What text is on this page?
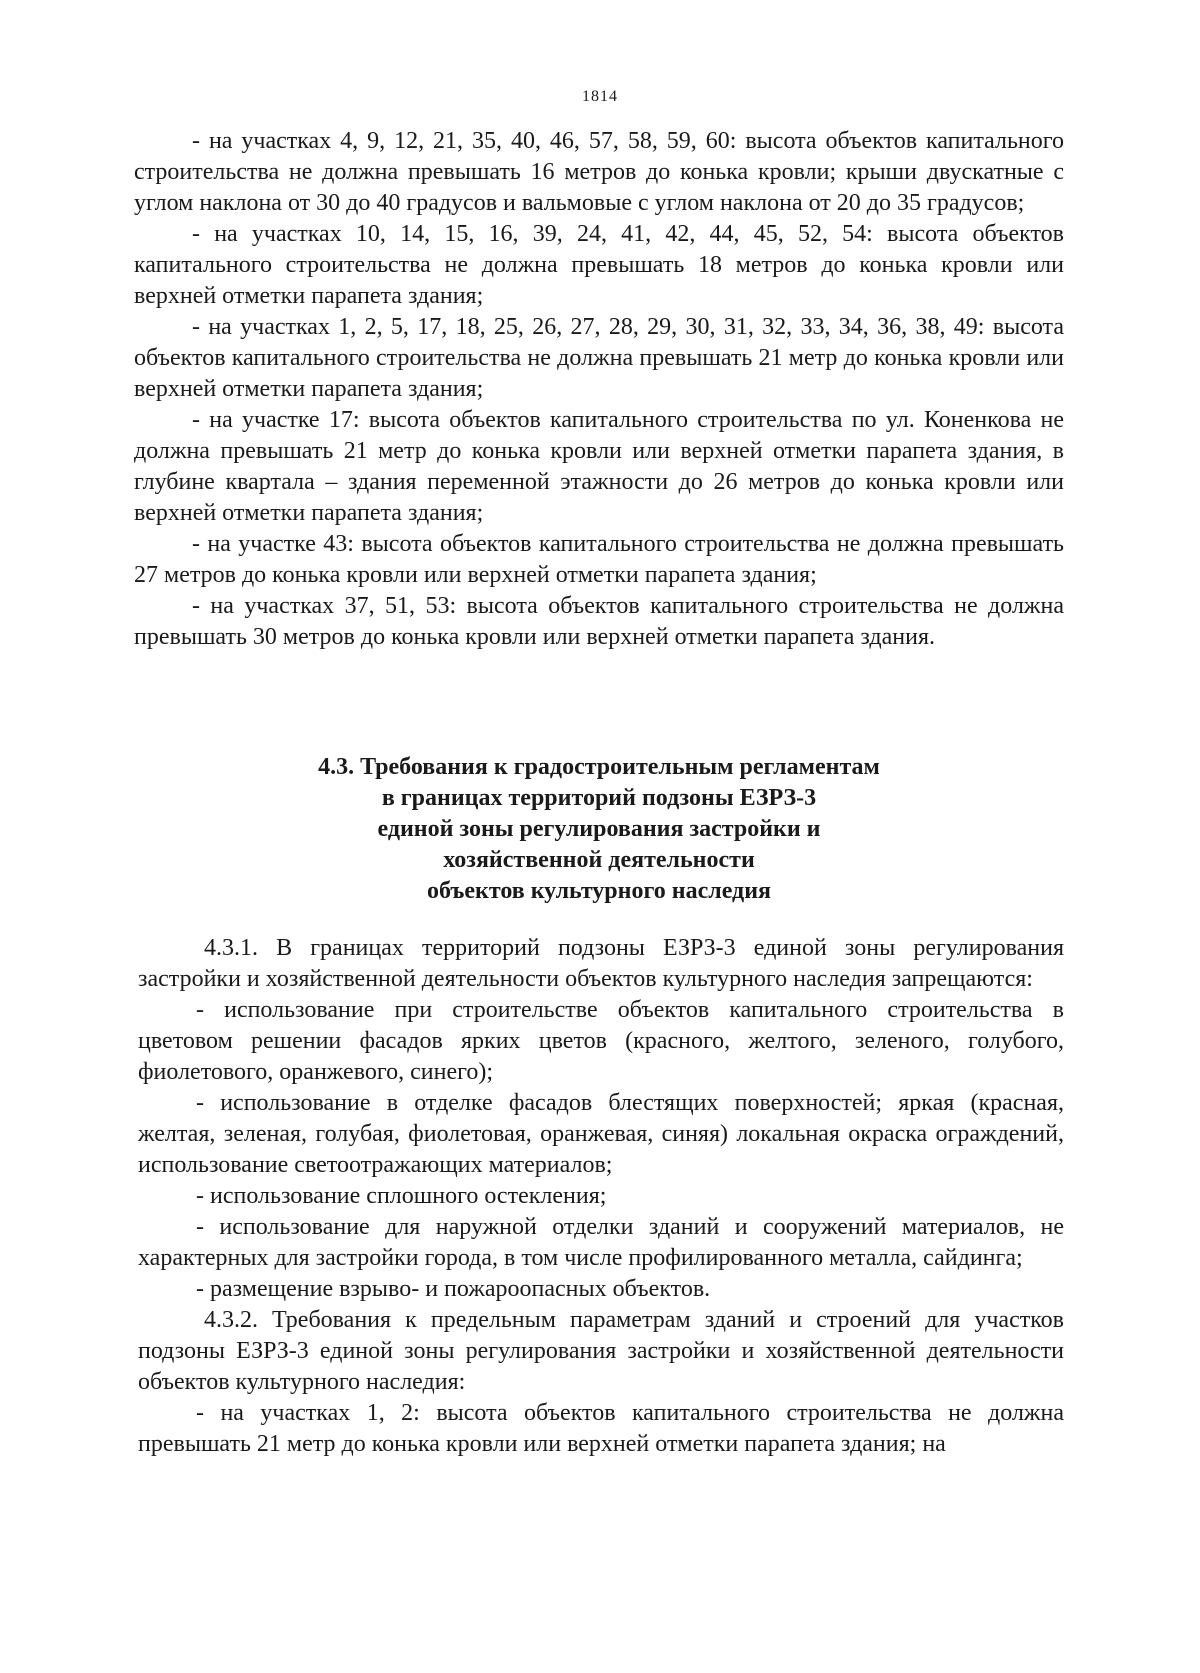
1814

- на участках 4, 9, 12, 21, 35, 40, 46, 57, 58, 59, 60: высота объектов капитального строительства не должна превышать 16 метров до конька кровли; крыши двускатные с углом наклона от 30 до 40 градусов и вальмовые с углом наклона от 20 до 35 градусов;

- на участках 10, 14, 15, 16, 39, 24, 41, 42, 44, 45, 52, 54: высота объектов капитального строительства не должна превышать 18 метров до конька кровли или верхней отметки парапета здания;

- на участках 1, 2, 5, 17, 18, 25, 26, 27, 28, 29, 30, 31, 32, 33, 34, 36, 38, 49: высота объектов капитального строительства не должна превышать 21 метр до конька кровли или верхней отметки парапета здания;

- на участке 17: высота объектов капитального строительства по ул. Коненкова не должна превышать 21 метр до конька кровли или верхней отметки парапета здания, в глубине квартала – здания переменной этажности до 26 метров до конька кровли или верхней отметки парапета здания;

- на участке 43: высота объектов капитального строительства не должна превышать 27 метров до конька кровли или верхней отметки парапета здания;

- на участках 37, 51, 53: высота объектов капитального строительства не должна превышать 30 метров до конька кровли или верхней отметки парапета здания.

4.3. Требования к градостроительным регламентам
в границах территорий подзоны ЕЗРЗ-3
единой зоны регулирования застройки и
хозяйственной деятельности
объектов культурного наследия

4.3.1. В границах территорий подзоны ЕЗРЗ-3 единой зоны регулирования застройки и хозяйственной деятельности объектов культурного наследия запрещаются:

- использование при строительстве объектов капитального строительства в цветовом решении фасадов ярких цветов (красного, желтого, зеленого, голубого, фиолетового, оранжевого, синего);

- использование в отделке фасадов блестящих поверхностей; яркая (красная, желтая, зеленая, голубая, фиолетовая, оранжевая, синяя) локальная окраска ограждений, использование светоотражающих материалов;

- использование сплошного остекления;

- использование для наружной отделки зданий и сооружений материалов, не характерных для застройки города, в том числе профилированного металла, сайдинга;

- размещение взрыво- и пожароопасных объектов.

4.3.2. Требования к предельным параметрам зданий и строений для участков подзоны ЕЗРЗ-3 единой зоны регулирования застройки и хозяйственной деятельности объектов культурного наследия:

- на участках 1, 2: высота объектов капитального строительства не должна превышать 21 метр до конька кровли или верхней отметки парапета здания; на
